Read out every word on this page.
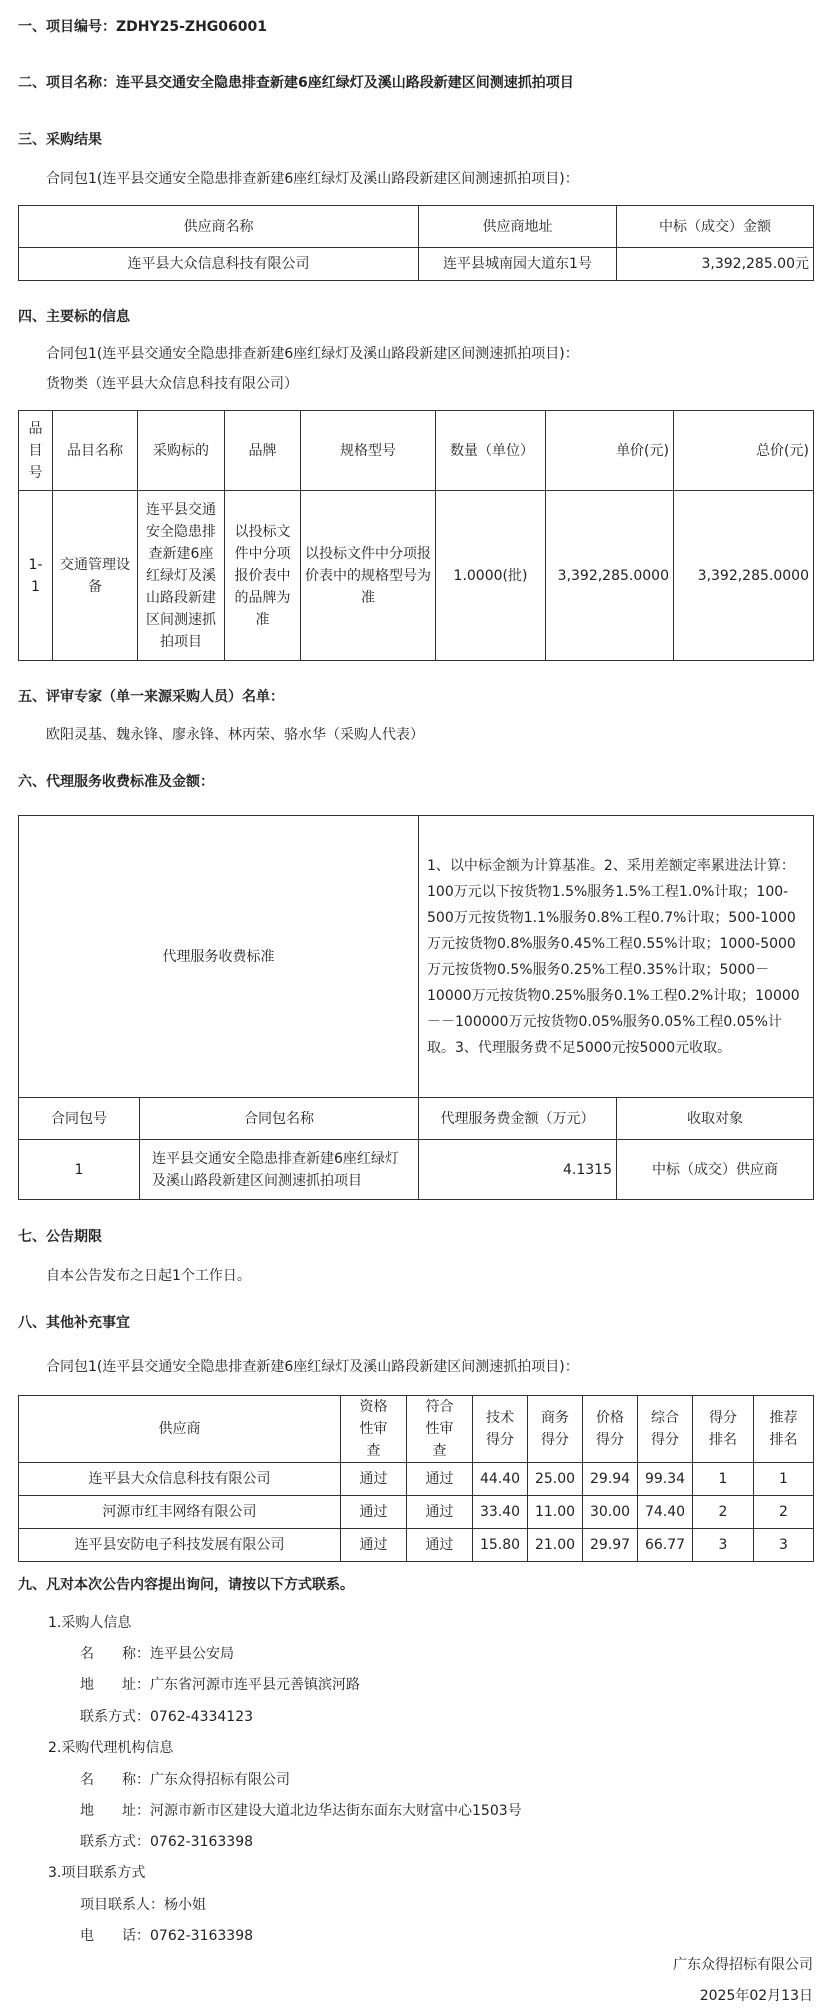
一、项目编号：ZDHY25-ZHG06001

二、项目名称：连平县交通安全隐患排查新建6座红绿灯及溪山路段新建区间测速抓拍项目

三、采购结果

合同包1(连平县交通安全隐患排查新建6座红绿灯及溪山路段新建区间测速抓拍项目)：

供应商名称	供应商地址	中标（成交）金额
连平县大众信息科技有限公司	连平县城南园大道东1号	3,392,285.00元

四、主要标的信息

合同包1(连平县交通安全隐患排查新建6座红绿灯及溪山路段新建区间测速抓拍项目)：

货物类（连平县大众信息科技有限公司）

品目号	品目名称	采购标的	品牌	规格型号	数量（单位）	单价(元)	总价(元)
1-1	交通管理设备	连平县交通安全隐患排查新建6座红绿灯及溪山路段新建区间测速抓拍项目	以投标文件中分项报价表中的品牌为准	以投标文件中分项报价表中的规格型号为准	1.0000(批)	3,392,285.0000	3,392,285.0000

五、评审专家（单一来源采购人员）名单：

欧阳灵基、魏永锋、廖永锋、林丙荣、骆水华（采购人代表）

六、代理服务收费标准及金额：

代理服务收费标准	1、以中标金额为计算基准。2、采用差额定率累进法计算：100万元以下按货物1.5%服务1.5%工程1.0%计取；100-500万元按货物1.1%服务0.8%工程0.7%计取；500-1000万元按货物0.8%服务0.45%工程0.55%计取；1000-5000万元按货物0.5%服务0.25%工程0.35%计取；5000－10000万元按货物0.25%服务0.1%工程0.2%计取；10000－－100000万元按货物0.05%服务0.05%工程0.05%计取。3、代理服务费不足5000元按5000元收取。
合同包号	合同包名称	代理服务费金额（万元）	收取对象
1	连平县交通安全隐患排查新建6座红绿灯及溪山路段新建区间测速抓拍项目	4.1315	中标（成交）供应商

七、公告期限

自本公告发布之日起1个工作日。

八、其他补充事宜

合同包1(连平县交通安全隐患排查新建6座红绿灯及溪山路段新建区间测速抓拍项目)：

供应商	资格性审查	符合性审查	技术得分	商务得分	价格得分	综合得分	得分排名	推荐排名
连平县大众信息科技有限公司	通过	通过	44.40	25.00	29.94	99.34	1	1
河源市红丰网络有限公司	通过	通过	33.40	11.00	30.00	74.40	2	2
连平县安防电子科技发展有限公司	通过	通过	15.80	21.00	29.97	66.77	3	3

九、凡对本次公告内容提出询问，请按以下方式联系。

1.采购人信息

名　　称：连平县公安局

地　　址：广东省河源市连平县元善镇滨河路

联系方式：0762-4334123

2.采购代理机构信息

名　　称：广东众得招标有限公司

地　　址：河源市新市区建设大道北边华达街东面东大财富中心1503号

联系方式：0762-3163398

3.项目联系方式

项目联系人：杨小姐

电　　话：0762-3163398

广东众得招标有限公司

2025年02月13日
